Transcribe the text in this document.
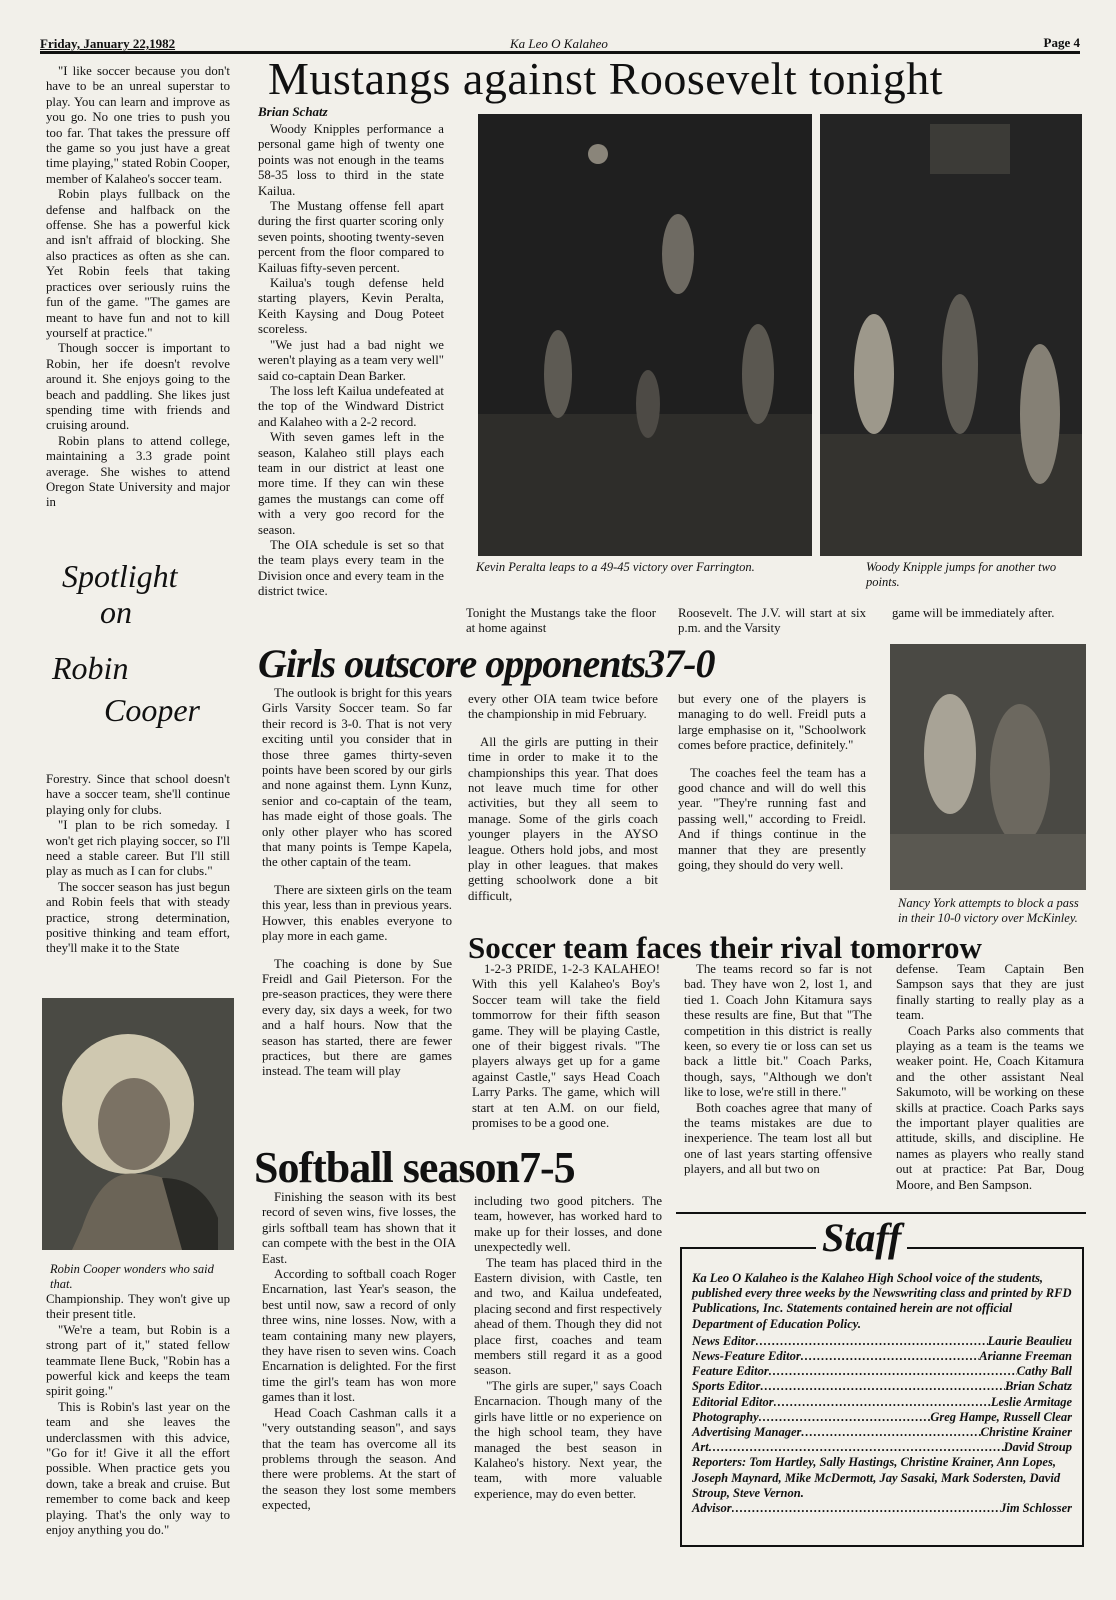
Friday, January 22,1982	Ka Leo O Kalaheo	Page 4

"I like soccer because you don't have to be an unreal superstar to play. You can learn and improve as you go. No one tries to push you too far. That takes the pressure off the game so you just have a great time playing," stated Robin Cooper, member of Kalaheo's soccer team.

Robin plays fullback on the defense and halfback on the offense. She has a powerful kick and isn't affraid of blocking. She also practices as often as she can. Yet Robin feels that taking practices over seriously ruins the fun of the game. "The games are meant to have fun and not to kill yourself at practice."

Though soccer is important to Robin, her ife doesn't revolve around it. She enjoys going to the beach and paddling. She likes just spending time with friends and cruising around.

Robin plans to attend college, maintaining a 3.3 grade point average. She wishes to attend Oregon State University and major in

Spotlight
on
Robin
Cooper

Forestry. Since that school doesn't have a soccer team, she'll continue playing only for clubs.

"I plan to be rich someday. I won't get rich playing soccer, so I'll need a stable career. But I'll still play as much as I can for clubs."

The soccer season has just begun and Robin feels that with steady practice, strong determination, positive thinking and team effort, they'll make it to the State

Robin Cooper wonders who said that.

Championship. They won't give up their present title.

"We're a team, but Robin is a strong part of it," stated fellow teammate Ilene Buck, "Robin has a powerful kick and keeps the team spirit going."

This is Robin's last year on the team and she leaves the underclassmen with this advice, "Go for it! Give it all the effort possible. When practice gets you down, take a break and cruise. But remember to come back and keep playing. That's the only way to enjoy anything you do."

Mustangs against Roosevelt tonight
Brian Schatz

Woody Knipples performance a personal game high of twenty one points was not enough in the teams 58-35 loss to third in the state Kailua.

The Mustang offense fell apart during the first quarter scoring only seven points, shooting twenty-seven percent from the floor compared to Kailuas fifty-seven percent.

Kailua's tough defense held starting players, Kevin Peralta, Keith Kaysing and Doug Poteet scoreless.

"We just had a bad night we weren't playing as a team very well" said co-captain Dean Barker.

The loss left Kailua undefeated at the top of the Windward District and Kalaheo with a 2-2 record.

With seven games left in the season, Kalaheo still plays each team in our district at least one more time. If they can win these games the mustangs can come off with a very goo record for the season.

The OIA schedule is set so that the team plays every team in the Division once and every team in the district twice.

Kevin Peralta leaps to a 49-45 victory over Farrington.	Woody Knipple jumps for another two points.
Tonight the Mustangs take the floor at home against
Roosevelt. The J.V. will start at six p.m. and the Varsity
game will be immediately after.
Girls outscore opponents37-0

The outlook is bright for this years Girls Varsity Soccer team. So far their record is 3-0. That is not very exciting until you consider that in those three games thirty-seven points have been scored by our girls and none against them. Lynn Kunz, senior and co-captain of the team, has made eight of those goals. The only other player who has scored that many points is Tempe Kapela, the other captain of the team.

There are sixteen girls on the team this year, less than in previous years. Howver, this enables everyone to play more in each game.

The coaching is done by Sue Freidl and Gail Pieterson. For the pre-season practices, they were there every day, six days a week, for two and a half hours. Now that the season has started, there are fewer practices, but there are games instead. The team will play

every other OIA team twice before the championship in mid February.

All the girls are putting in their time in order to make it to the championships this year. That does not leave much time for other activities, but they all seem to manage. Some of the girls coach younger players in the AYSO league. Others hold jobs, and most play in other leagues. that makes getting schoolwork done a bit difficult,

but every one of the players is managing to do well. Freidl puts a large emphasise on it, "Schoolwork comes before practice, definitely."

The coaches feel the team has a good chance and will do well this year. "They're running fast and passing well," according to Freidl. And if things continue in the manner that they are presently going, they should do very well.

Nancy York attempts to block a pass in their 10-0 victory over McKinley.
Soccer team faces their rival tomorrow

1-2-3 PRIDE, 1-2-3 KALAHEO! With this yell Kalaheo's Boy's Soccer team will take the field tommorrow for their fifth season game. They will be playing Castle, one of their biggest rivals. "The players always get up for a game against Castle," says Head Coach Larry Parks. The game, which will start at ten A.M. on our field, promises to be a good one.

The teams record so far is not bad. They have won 2, lost 1, and tied 1. Coach John Kitamura says these results are fine, But that "The competition in this district is really keen, so every tie or loss can set us back a little bit." Coach Parks, though, says, "Although we don't like to lose, we're still in there."

Both coaches agree that many of the teams mistakes are due to inexperience. The team lost all but one of last years starting offensive players, and all but two on

defense. Team Captain Ben Sampson says that they are just finally starting to really play as a team.

Coach Parks also comments that playing as a team is the teams we weaker point. He, Coach Kitamura and the other assistant Neal Sakumoto, will be working on these skills at practice. Coach Parks says the important player qualities are attitude, skills, and discipline. He names as players who really stand out at practice: Pat Bar, Doug Moore, and Ben Sampson.

Softball season7-5

Finishing the season with its best record of seven wins, five losses, the girls softball team has shown that it can compete with the best in the OIA East.

According to softball coach Roger Encarnation, last Year's season, the best until now, saw a record of only three wins, nine losses. Now, with a team containing many new players, they have risen to seven wins. Coach Encarnation is delighted. For the first time the girl's team has won more games than it lost.

Head Coach Cashman calls it a "very outstanding season", and says that the team has overcome all its problems through the season. And there were problems. At the start of the season they lost some members expected,

including two good pitchers. The team, however, has worked hard to make up for their losses, and done unexpectedly well.

The team has placed third in the Eastern division, with Castle, ten and two, and Kailua undefeated, placing second and first respectively ahead of them. Though they did not place first, coaches and team members still regard it as a good season.

"The girls are super," says Coach Encarnacion. Though many of the girls have little or no experience on the high school team, they have managed the best season in Kalaheo's history. Next year, the team, with more valuable experience, may do even better.

Ka Leo O Kalaheo is the Kalaheo High School voice of the students, published every three weeks by the Newswriting class and printed by RFD Publications, Inc. Statements contained herein are not official Department of Education Policy.
News Editor .....	Laurie Beaulieu
News-Feature Editor .....	Arianne Freeman
Feature Editor .....	Cathy Ball
Sports Editor .....	Brian Schatz
Editorial Editor .....	Leslie Armitage
Photography .....	Greg Hampe, Russell Clear
Advertising Manager .....	Christine Krainer
Art .....	David Stroup
Reporters: Tom Hartley, Sally Hastings, Christine Krainer, Ann Lopes, Joseph Maynard, Mike McDermott, Jay Sasaki, Mark Sodersten, David Stroup, Steve Vernon.
Advisor .....	Jim Schlosser
Staff
